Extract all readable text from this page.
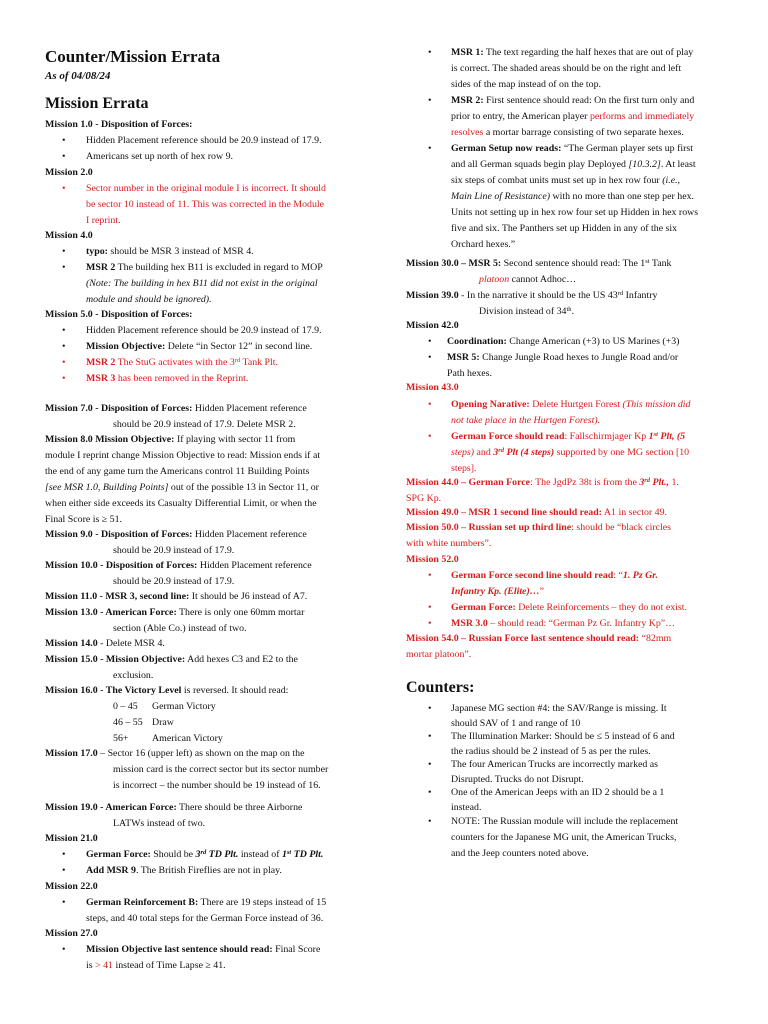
Counter/Mission Errata
As of 04/08/24
Mission Errata
Mission 1.0 - Disposition of Forces:
• Hidden Placement reference should be 20.9 instead of 17.9.
• Americans set up north of hex row 9.
Mission 2.0
• Sector number in the original module I is incorrect. It should
be sector 10 instead of 11. This was corrected in the Module
I reprint.
Mission 4.0
• typo: should be MSR 3 instead of MSR 4.
• MSR 2 The building hex B11 is excluded in regard to MOP
(Note: The building in hex B11 did not exist in the original
module and should be ignored).
Mission 5.0 - Disposition of Forces:
• Hidden Placement reference should be 20.9 instead of 17.9.
• Mission Objective: Delete “in Sector 12” in second line.
• MSR 2 The StuG activates with the 3rd Tank Plt.
• MSR 3 has been removed in the Reprint.
Mission 7.0 - Disposition of Forces: Hidden Placement reference
should be 20.9 instead of 17.9. Delete MSR 2.
Mission 8.0 Mission Objective: If playing with sector 11 from
module I reprint change Mission Objective to read: Mission ends if at
the end of any game turn the Americans control 11 Building Points
[see MSR 1.0, Building Points] out of the possible 13 in Sector 11, or
when either side exceeds its Casualty Differential Limit, or when the
Final Score is ≥ 51.
Mission 9.0 - Disposition of Forces: Hidden Placement reference
should be 20.9 instead of 17.9.
Mission 10.0 - Disposition of Forces: Hidden Placement reference
should be 20.9 instead of 17.9.
Mission 11.0 - MSR 3, second line: It should be J6 instead of A7.
Mission 13.0 - American Force: There is only one 60mm mortar
section (Able Co.) instead of two.
Mission 14.0 - Delete MSR 4.
Mission 15.0 - Mission Objective: Add hexes C3 and E2 to the
exclusion.
Mission 16.0 - The Victory Level is reversed. It should read:
0 – 45 German Victory
46 – 55 Draw
56+ American Victory
Mission 17.0 – Sector 16 (upper left) as shown on the map on the
mission card is the correct sector but its sector number
is incorrect – the number should be 19 instead of 16.
Mission 19.0 - American Force: There should be three Airborne
LATWs instead of two.
Mission 21.0
• German Force: Should be 3rd TD Plt. instead of 1st TD Plt.
• Add MSR 9. The British Fireflies are not in play.
Mission 22.0
• German Reinforcement B: There are 19 steps instead of 15
steps, and 40 total steps for the German Force instead of 36.
Mission 27.0
• Mission Objective last sentence should read: Final Score
is > 41 instead of Time Lapse ≥ 41.
• MSR 1: The text regarding the half hexes that are out of play
is correct. The shaded areas should be on the right and left
sides of the map instead of on the top.
• MSR 2: First sentence should read: On the first turn only and
prior to entry, the American player performs and immediately
resolves a mortar barrage consisting of two separate hexes.
• German Setup now reads: “The German player sets up first
and all German squads begin play Deployed [10.3.2]. At least
six steps of combat units must set up in hex row four (i.e.,
Main Line of Resistance) with no more than one step per hex.
Units not setting up in hex row four set up Hidden in hex rows
five and six. The Panthers set up Hidden in any of the six
Orchard hexes.”
Mission 30.0 – MSR 5: Second sentence should read: The 1st Tank
platoon cannot Adhoc…
Mission 39.0 - In the narrative it should be the US 43rd Infantry
Division instead of 34th.
Mission 42.0
• Coordination: Change American (+3) to US Marines (+3)
• MSR 5: Change Jungle Road hexes to Jungle Road and/or
Path hexes.
Mission 43.0
• Opening Narative: Delete Hurtgen Forest (This mission did
not take place in the Hurtgen Forest).
• German Force should read: Fallschirmjager Kp 1st Plt, (5
steps) and 3rd Plt (4 steps) supported by one MG section [10
steps].
Mission 44.0 – German Force: The JgdPz 38t is from the 3rd Plt., 1.
SPG Kp.
Mission 49.0 – MSR 1 second line should read: A1 in sector 49.
Mission 50.0 – Russian set up third line: should be “black circles
with white numbers”.
Mission 52.0
• German Force second line should read: “1. Pz Gr.
Infantry Kp. (Elite)…”
• German Force: Delete Reinforcements – they do not exist.
• MSR 3.0 – should read: “German Pz Gr. Infantry Kp”…
Mission 54.0 – Russian Force last sentence should read: “82mm
mortar platoon”.
Counters:
• Japanese MG section #4: the SAV/Range is missing. It
should SAV of 1 and range of 10
• The Illumination Marker: Should be ≤ 5 instead of 6 and
the radius should be 2 instead of 5 as per the rules.
• The four American Trucks are incorrectly marked as
Disrupted. Trucks do not Disrupt.
• One of the American Jeeps with an ID 2 should be a 1
instead.
• NOTE: The Russian module will include the replacement
counters for the Japanese MG unit, the American Trucks,
and the Jeep counters noted above.
